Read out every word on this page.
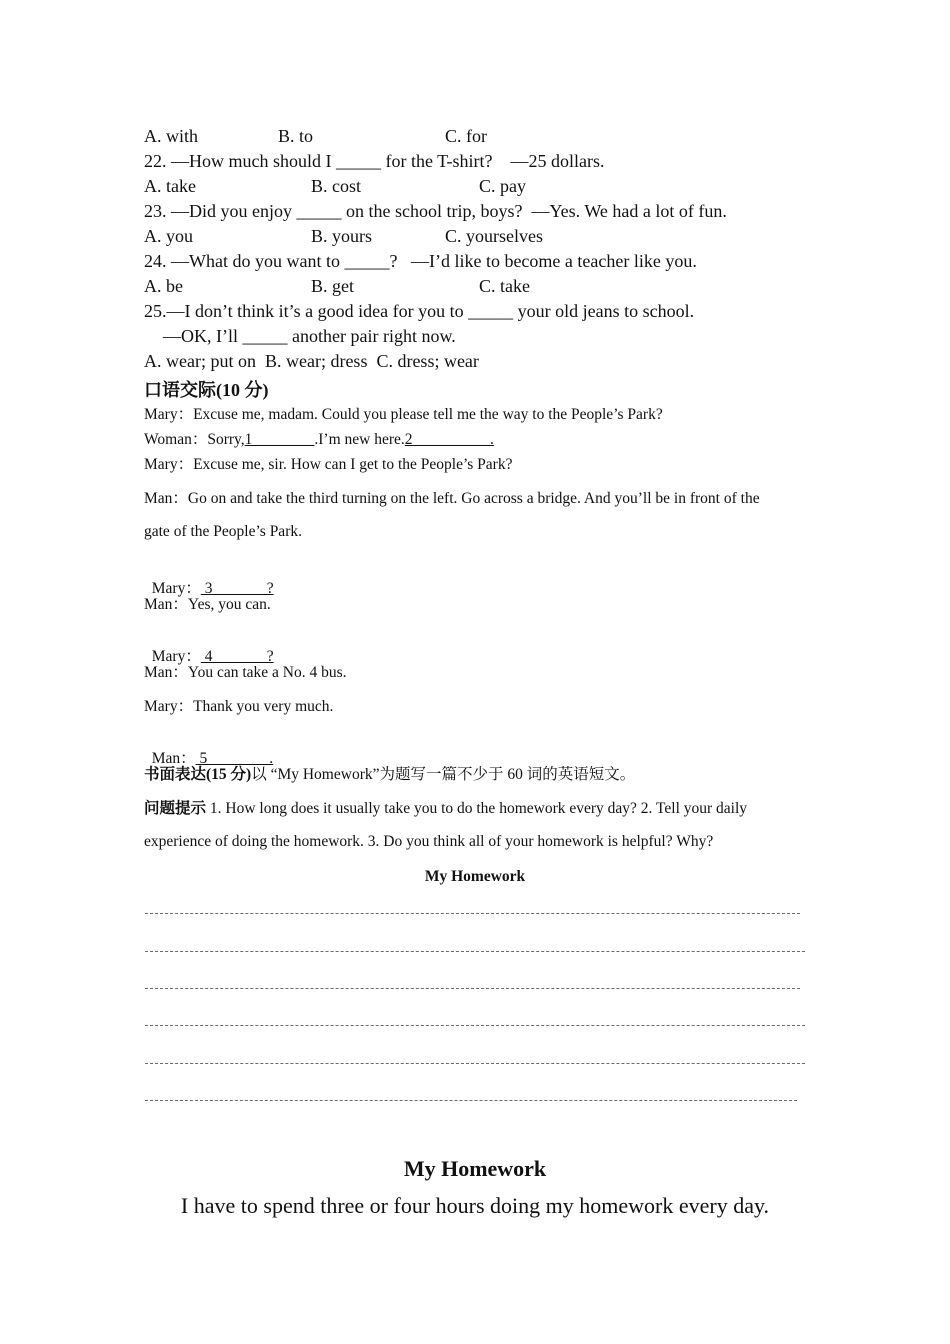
A. with	B. to	C. for
22. —How much should I _____ for the T-shirt?    —25 dollars.
A. take	B. cost	C. pay
23. —Did you enjoy _____ on the school trip, boys?  —Yes. We had a lot of fun.
A. you	B. yours	C. yourselves
24. —What do you want to _____?   —I’d like to become a teacher like you.
A. be	B. get	C. take
25.—I don’t think it’s a good idea for you to _____ your old jeans to school.
—OK, I’ll _____ another pair right now.
A. wear; put on  B. wear; dress  C. dress; wear
口语交际(10 分)
Mary：Excuse me, madam. Could you please tell me the way to the People’s Park?
Woman：Sorry,1________.I’m new here.2__________.
Mary：Excuse me, sir. How can I get to the People’s Park?
Man：Go on and take the third turning on the left. Go across a bridge. And you’ll be in front of the
gate of the People’s Park.

Mary： 3              ?

Man：Yes, you can.

Mary： 4              ?

Man：You can take a No. 4 bus.
Mary：Thank you very much.

Man： 5                .

书面表达(15 分)以 “My Homework”为题写一篇不少于 60 词的英语短文。
问题提示 1. How long does it usually take you to do the homework every day? 2. Tell your daily
experience of doing the homework. 3. Do you think all of your homework is helpful? Why?
My Homework
My Homework
I have to spend three or four hours doing my homework every day.
